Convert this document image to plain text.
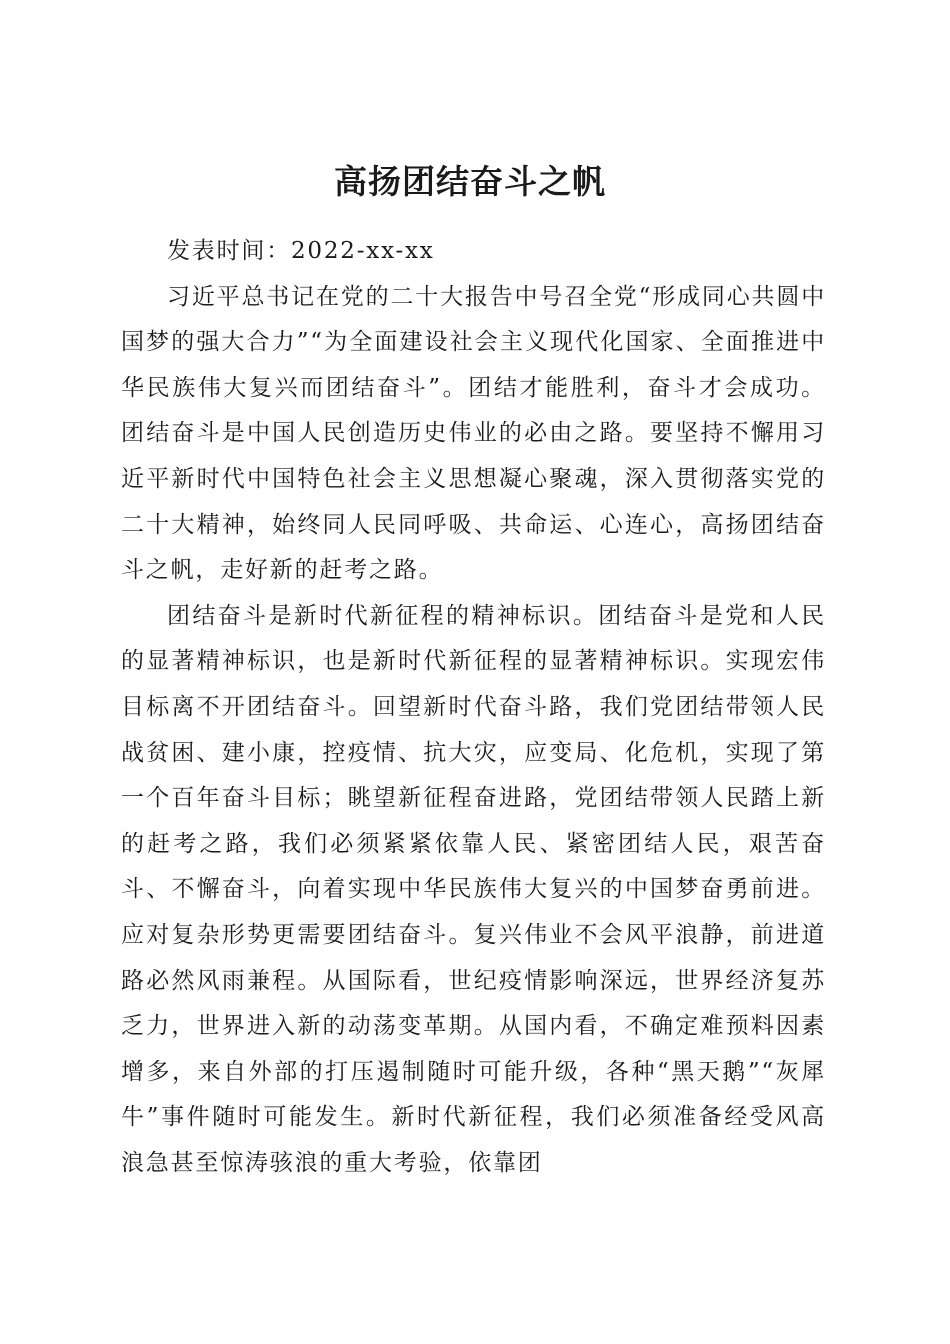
高扬团结奋斗之帆

发表时间：2022-xx-xx

习近平总书记在党的二十大报告中号召全党“形成同心共圆中国梦的强大合力”“为全面建设社会主义现代化国家、全面推进中华民族伟大复兴而团结奋斗”。团结才能胜利，奋斗才会成功。团结奋斗是中国人民创造历史伟业的必由之路。要坚持不懈用习近平新时代中国特色社会主义思想凝心聚魂，深入贯彻落实党的二十大精神，始终同人民同呼吸、共命运、心连心，高扬团结奋斗之帆，走好新的赶考之路。

团结奋斗是新时代新征程的精神标识。团结奋斗是党和人民的显著精神标识，也是新时代新征程的显著精神标识。实现宏伟目标离不开团结奋斗。回望新时代奋斗路，我们党团结带领人民战贫困、建小康，控疫情、抗大灾，应变局、化危机，实现了第一个百年奋斗目标；眺望新征程奋进路，党团结带领人民踏上新的赶考之路，我们必须紧紧依靠人民、紧密团结人民，艰苦奋斗、不懈奋斗，向着实现中华民族伟大复兴的中国梦奋勇前进。应对复杂形势更需要团结奋斗。复兴伟业不会风平浪静，前进道路必然风雨兼程。从国际看，世纪疫情影响深远，世界经济复苏乏力，世界进入新的动荡变革期。从国内看，不确定难预料因素增多，来自外部的打压遏制随时可能升级，各种“黑天鹅”“灰犀牛”事件随时可能发生。新时代新征程，我们必须准备经受风高浪急甚至惊涛骇浪的重大考验，依靠团
